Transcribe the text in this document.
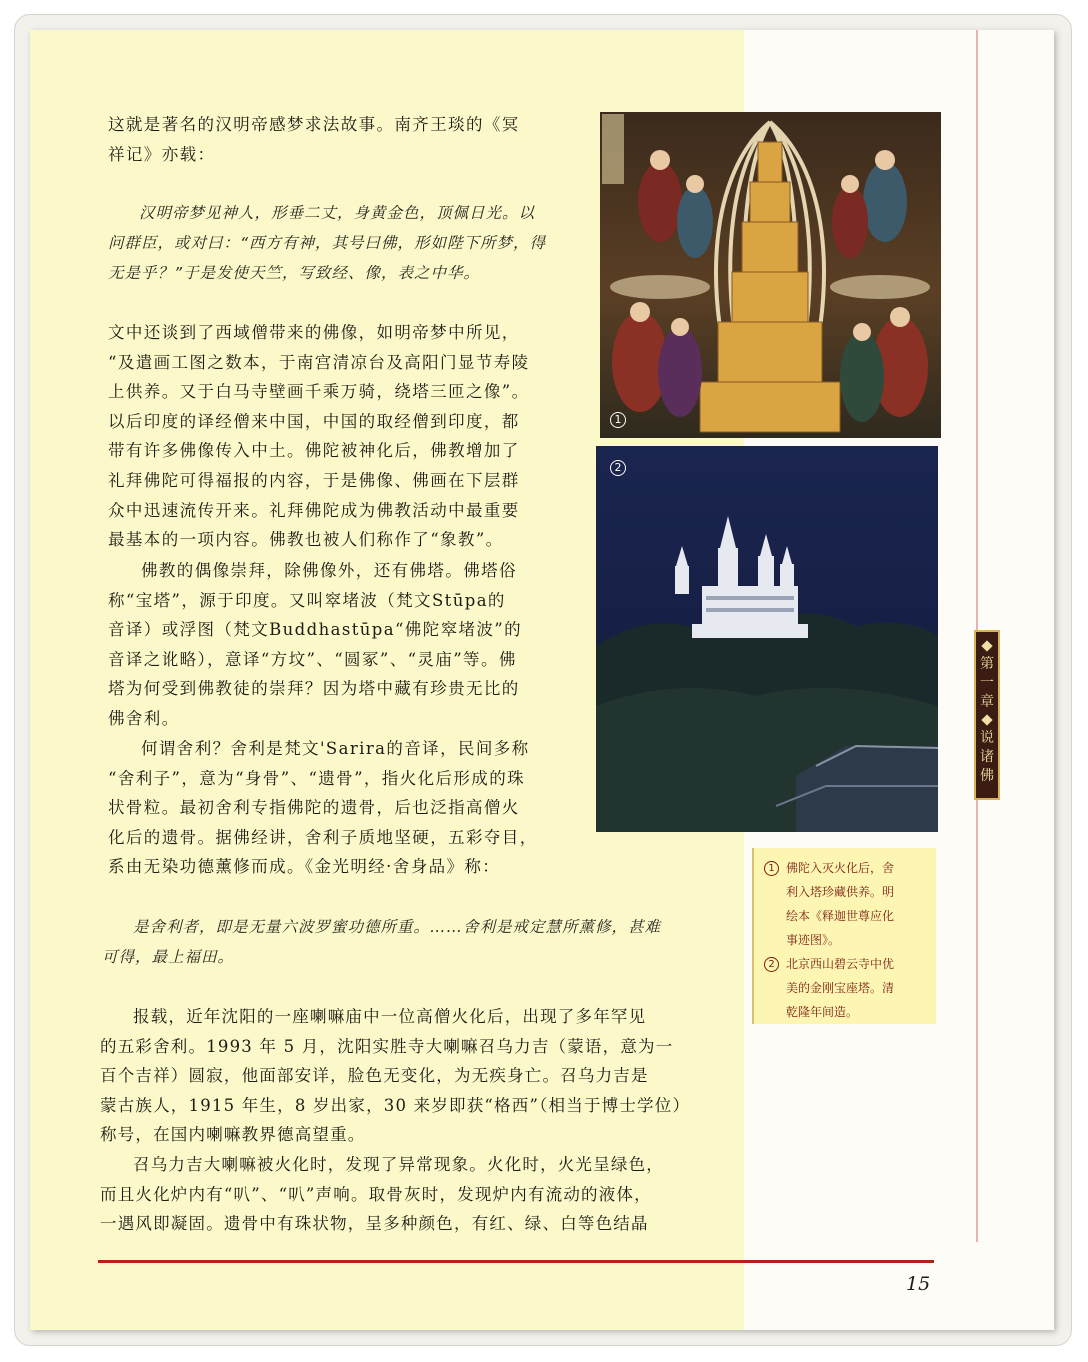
这就是著名的汉明帝感梦求法故事。南齐王琰的《冥

祥记》亦载：

汉明帝梦见神人，形垂二丈，身黄金色，顶佩日光。以

问群臣，或对曰：“西方有神，其号曰佛，形如陛下所梦，得

无是乎？”于是发使天竺，写致经、像，表之中华。

文中还谈到了西域僧带来的佛像，如明帝梦中所见，

“及遣画工图之数本，于南宫清凉台及高阳门显节寿陵

上供养。又于白马寺壁画千乘万骑，绕塔三匝之像”。

以后印度的译经僧来中国，中国的取经僧到印度，都

带有许多佛像传入中土。佛陀被神化后，佛教增加了

礼拜佛陀可得福报的内容，于是佛像、佛画在下层群

众中迅速流传开来。礼拜佛陀成为佛教活动中最重要

最基本的一项内容。佛教也被人们称作了“象教”。

佛教的偶像崇拜，除佛像外，还有佛塔。佛塔俗

称“宝塔”，源于印度。又叫窣堵波（梵文Stūpa的

音译）或浮图（梵文Buddhastūpa“佛陀窣堵波”的

音译之讹略），意译“方坟”、“圆冢”、“灵庙”等。佛

塔为何受到佛教徒的崇拜？因为塔中藏有珍贵无比的

佛舍利。

何谓舍利？舍利是梵文'Sarira的音译，民间多称

“舍利子”，意为“身骨”、“遗骨”，指火化后形成的珠

状骨粒。最初舍利专指佛陀的遗骨，后也泛指高僧火

化后的遗骨。据佛经讲，舍利子质地坚硬，五彩夺目，

系由无染功德薰修而成。《金光明经·舍身品》称：

是舍利者，即是无量六波罗蜜功德所重。……舍利是戒定慧所薰修，甚难

可得，最上福田。

报载，近年沈阳的一座喇嘛庙中一位高僧火化后，出现了多年罕见

的五彩舍利。1993 年 5 月，沈阳实胜寺大喇嘛召乌力吉（蒙语，意为一

百个吉祥）圆寂，他面部安详，脸色无变化，为无疾身亡。召乌力吉是

蒙古族人，1915 年生，8 岁出家，30 来岁即获“格西”（相当于博士学位）

称号，在国内喇嘛教界德高望重。

召乌力吉大喇嘛被火化时，发现了异常现象。火化时，火光呈绿色，

而且火化炉内有“叭”、“叭”声响。取骨灰时，发现炉内有流动的液体，

一遇风即凝固。遗骨中有珠状物，呈多种颜色，有红、绿、白等色结晶

1
2
1 佛陀入灭火化后，舍
利入塔珍藏供养。明
绘本《释迦世尊应化
事迹图》。
2 北京西山碧云寺中优
美的金刚宝座塔。清
乾隆年间造。
第
一
章
说
诸
佛
15
